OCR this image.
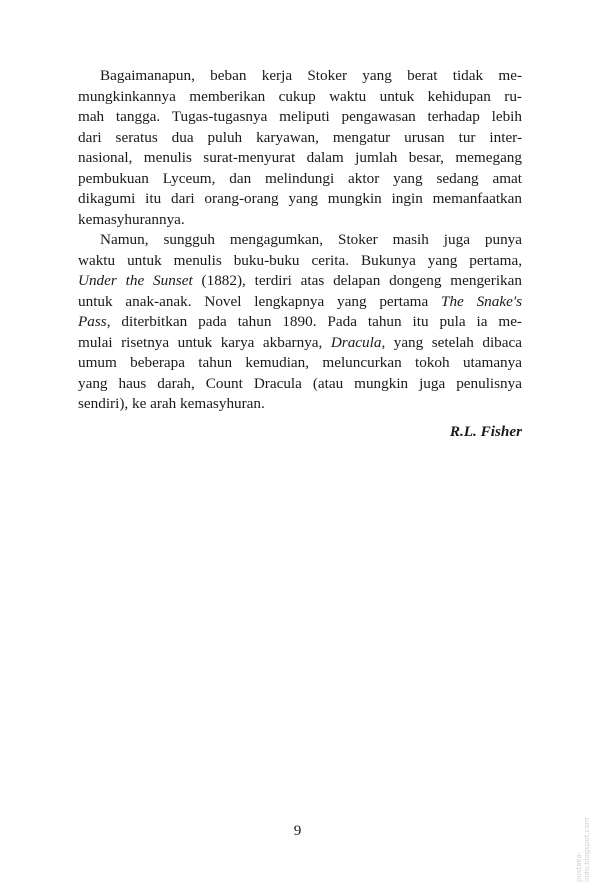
Bagaimanapun, beban kerja Stoker yang berat tidak me-
mungkinkannya memberikan cukup waktu untuk kehidupan ru-
mah tangga. Tugas-tugasnya meliputi pengawasan terhadap lebih
dari seratus dua puluh karyawan, mengatur urusan tur inter-
nasional, menulis surat-menyurat dalam jumlah besar, memegang
pembukuan Lyceum, dan melindungi aktor yang sedang amat
dikagumi itu dari orang-orang yang mungkin ingin memanfaatkan
kemasyhurannya.
Namun, sungguh mengagumkan, Stoker masih juga punya
waktu untuk menulis buku-buku cerita. Bukunya yang pertama,
Under the Sunset (1882), terdiri atas delapan dongeng mengerikan
untuk anak-anak. Novel lengkapnya yang pertama The Snake's
Pass, diterbitkan pada tahun 1890. Pada tahun itu pula ia me-
mulai risetnya untuk karya akbarnya, Dracula, yang setelah dibaca
umum beberapa tahun kemudian, meluncurkan tokoh utamanya
yang haus darah, Count Dracula (atau mungkin juga penulisnya
sendiri), ke arah kemasyhuran.
R.L. Fisher
9
pustaka-indo.blogspot.com
